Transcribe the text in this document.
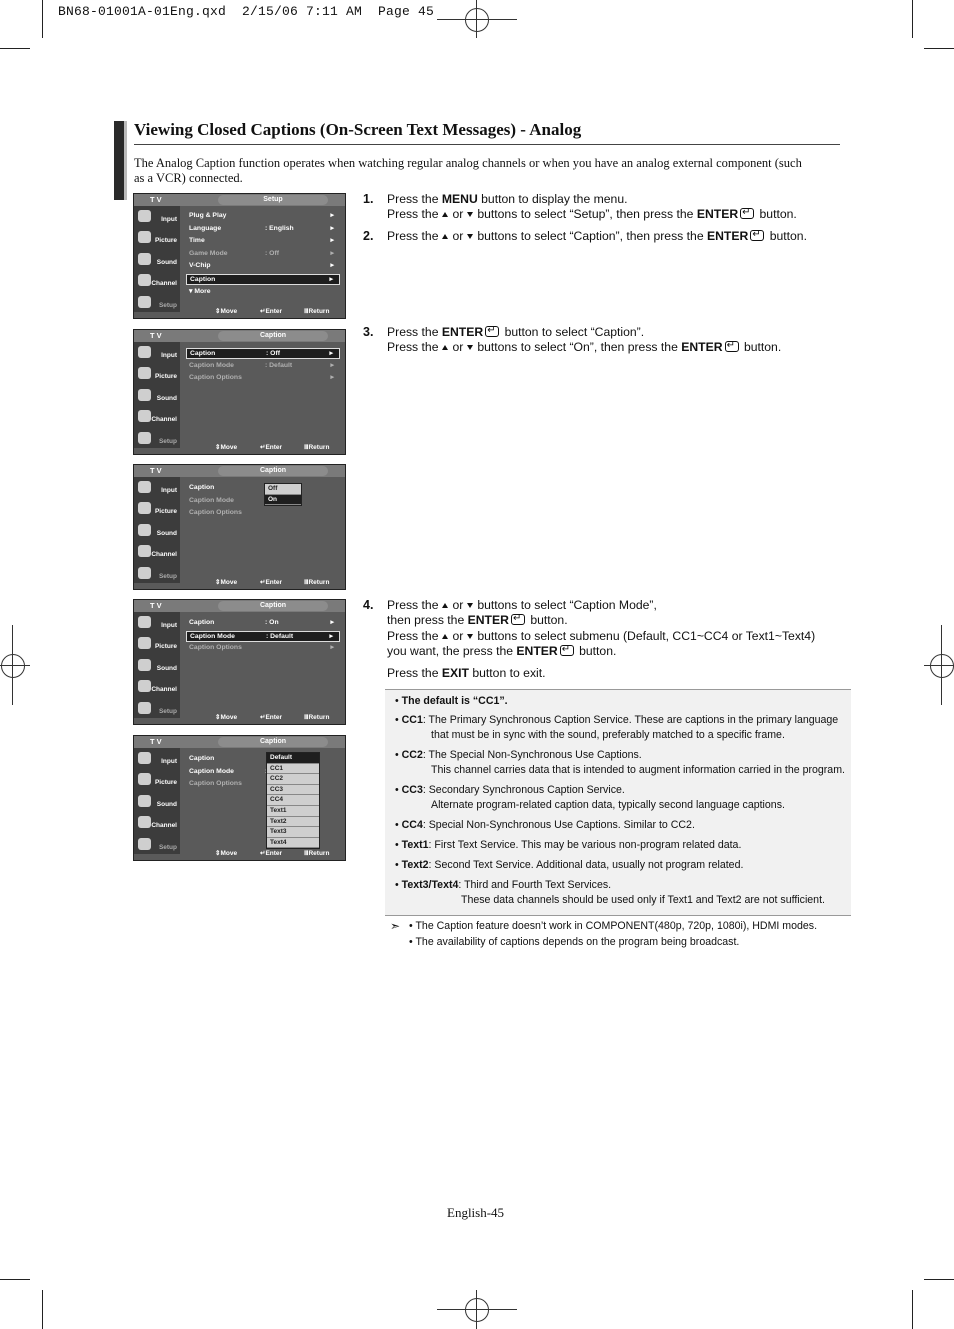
BN68-01001A-01Eng.qxd  2/15/06 7:11 AM  Page 45
Viewing Closed Captions (On-Screen Text Messages) - Analog
The Analog Caption function operates when watching regular analog channels or when you have an analog external component (such as a VCR) connected.
T V	Setup
Input
Picture
Sound
Channel
Setup
Plug & Play	▸
Language	: English	▸
Time	▸
Game Mode	: Off	▸
V-Chip	▸
Caption	▸
▾ More
⇕ Move	↵ Enter	Ⅲ Return
T V	Caption
Input
Picture
Sound
Channel
Setup
Caption	: Off	▸
Caption Mode	: Default	▸
Caption Options	▸
⇕ Move	↵ Enter	Ⅲ Return
T V	Caption
Input
Picture
Sound
Channel
Setup
Caption
Caption Mode
Caption Options
Off
On
⇕ Move	↵ Enter	Ⅲ Return
T V	Caption
Input
Picture
Sound
Channel
Setup
Caption	: On	▸
Caption Mode	: Default	▸
Caption Options	▸
⇕ Move	↵ Enter	Ⅲ Return
T V	Caption
Input
Picture
Sound
Channel
Setup
Caption
Caption Mode
Caption Options
Default
CC1
CC2
CC3
CC4
Text1
Text2
Text3
Text4
⇕ Move	↵ Enter	Ⅲ Return
1. Press the MENU button to display the menu.
Press the or buttons to select “Setup”, then press the ENTER↵ button.
2. Press the or buttons to select “Caption”, then press the ENTER↵ button.
3. Press the ENTER↵ button to select “Caption”.
Press the or buttons to select “On”, then press the ENTER↵ button.
4. Press the or buttons to select “Caption Mode”,
then press the ENTER↵ button.
Press the or buttons to select submenu (Default, CC1~CC4 or Text1~Text4)
you want, the press the ENTER↵ button.
Press the EXIT button to exit.
• The default is “CC1”.
• CC1: The Primary Synchronous Caption Service. These are captions in the primary language
that must be in sync with the sound, preferably matched to a specific frame.
• CC2: The Special Non-Synchronous Use Captions.
This channel carries data that is intended to augment information carried in the program.
• CC3: Secondary Synchronous Caption Service.
Alternate program-related caption data, typically second language captions.
• CC4: Special Non-Synchronous Use Captions. Similar to CC2.
• Text1: First Text Service. This may be various non-program related data.
• Text2: Second Text Service. Additional data, usually not program related.
• Text3/Text4: Third and Fourth Text Services.
These data channels should be used only if Text1 and Text2 are not sufficient.
➣ • The Caption feature doesn’t work in COMPONENT(480p, 720p, 1080i), HDMI modes.
• The availability of captions depends on the program being broadcast.
English-45
